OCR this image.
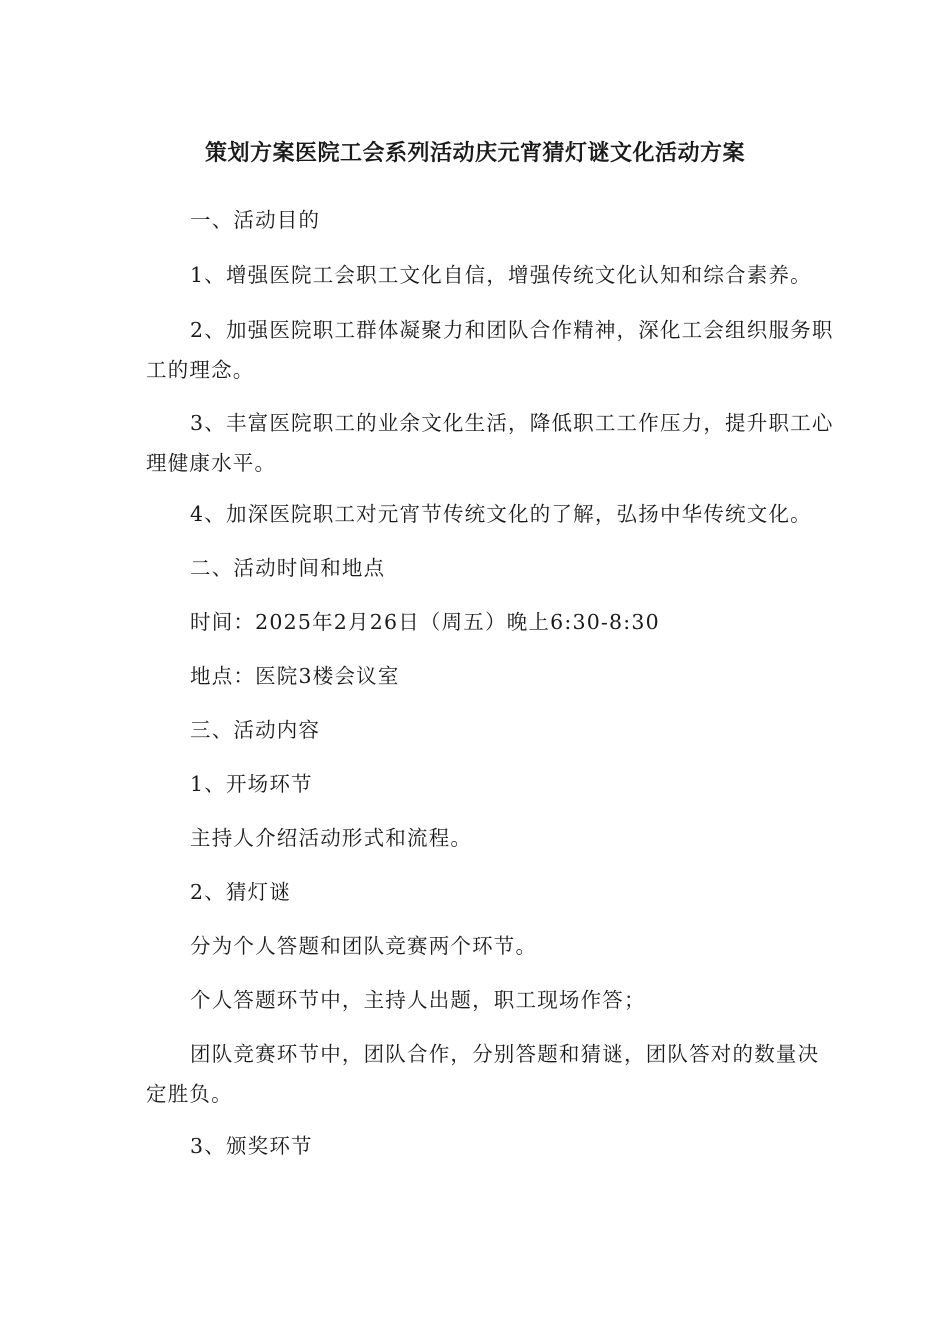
策划方案医院工会系列活动庆元宵猜灯谜文化活动方案

一、活动目的

1、增强医院工会职工文化自信，增强传统文化认知和综合素养。

2、加强医院职工群体凝聚力和团队合作精神，深化工会组织服务职工的理念。

3、丰富医院职工的业余文化生活，降低职工工作压力，提升职工心理健康水平。

4、加深医院职工对元宵节传统文化的了解，弘扬中华传统文化。

二、活动时间和地点

时间：2025年2月26日（周五）晚上6:30-8:30

地点：医院3楼会议室

三、活动内容

1、开场环节

主持人介绍活动形式和流程。

2、猜灯谜

分为个人答题和团队竞赛两个环节。

个人答题环节中，主持人出题，职工现场作答；

团队竞赛环节中，团队合作，分别答题和猜谜，团队答对的数量决定胜负。

3、颁奖环节
